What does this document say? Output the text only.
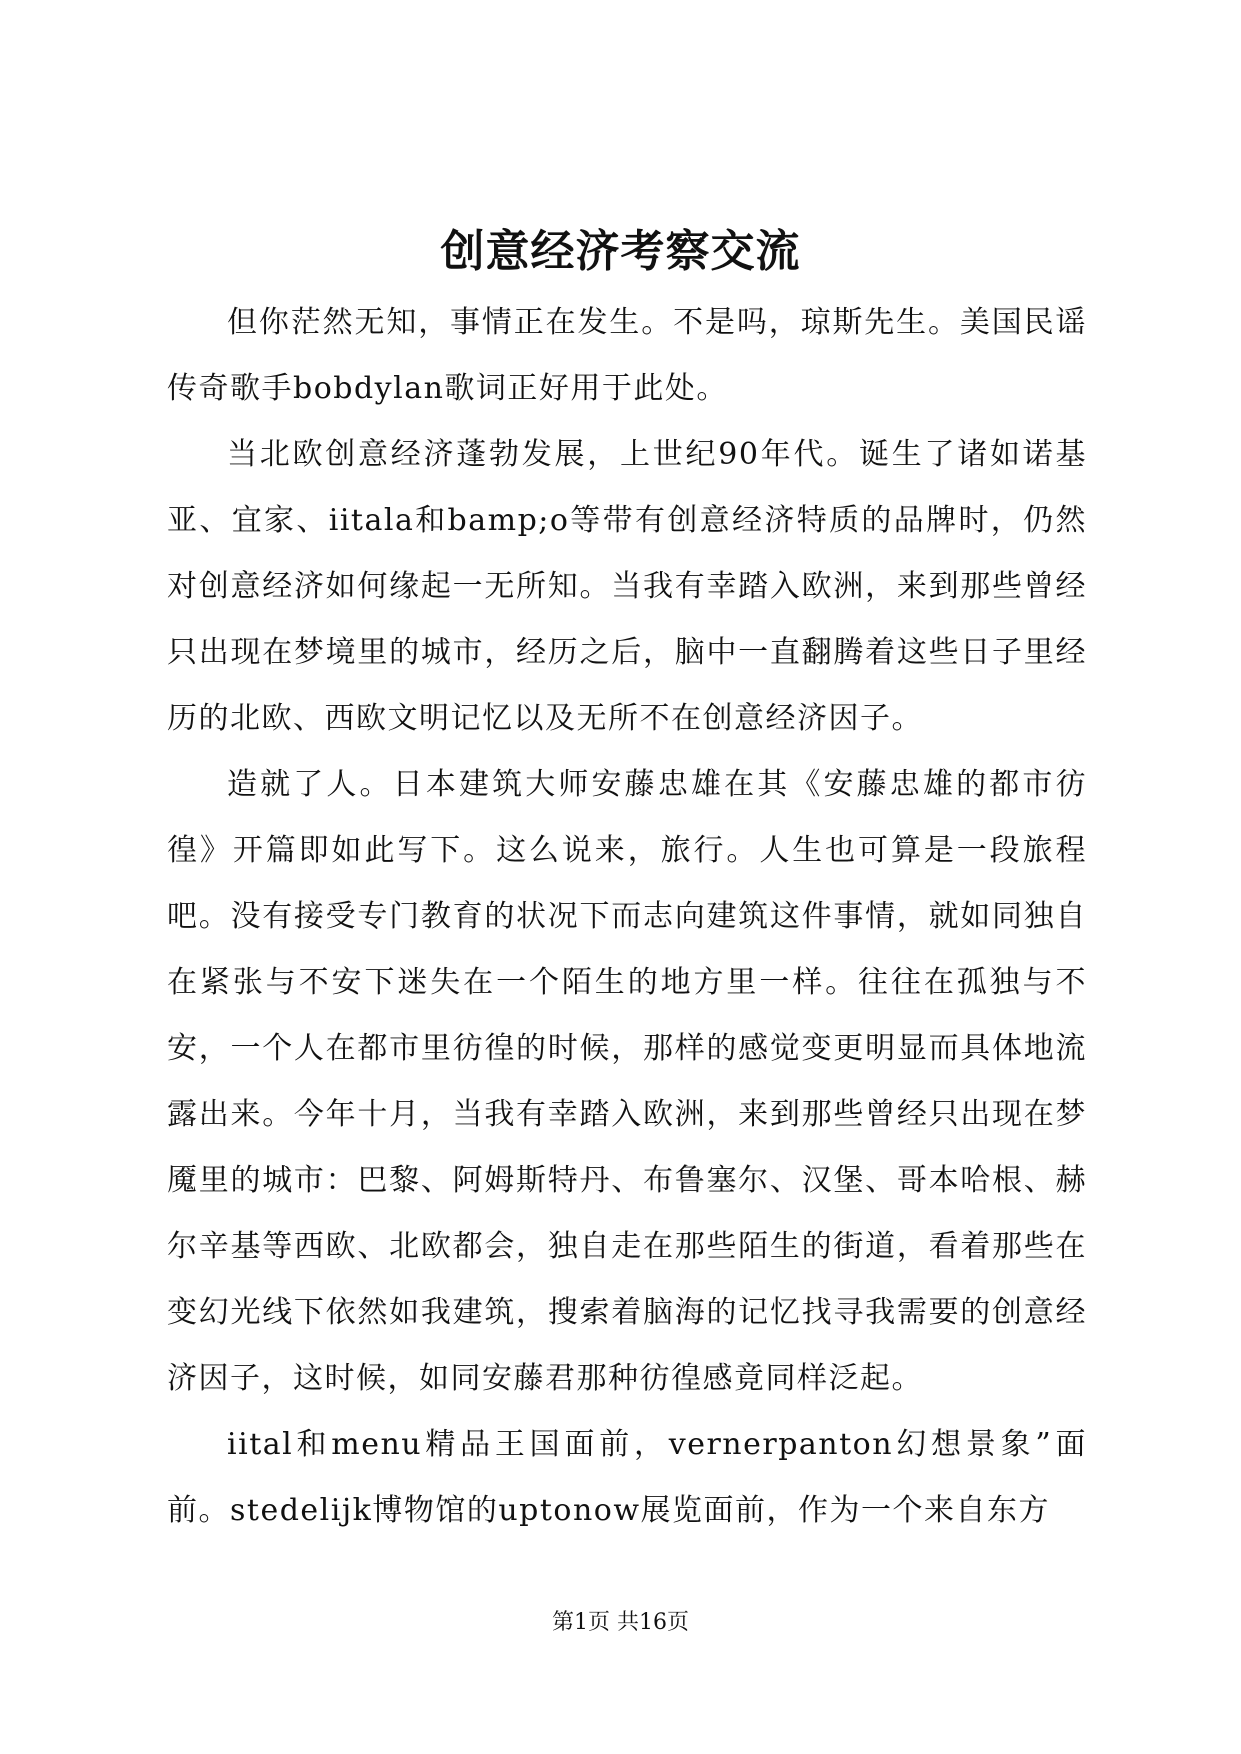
创意经济考察交流

但你茫然无知，事情正在发生。不是吗，琼斯先生。美国民谣传奇歌手bobdylan歌词正好用于此处。

当北欧创意经济蓬勃发展，上世纪90年代。诞生了诸如诺基亚、宜家、iitala和bamp;o等带有创意经济特质的品牌时，仍然对创意经济如何缘起一无所知。当我有幸踏入欧洲，来到那些曾经只出现在梦境里的城市，经历之后，脑中一直翻腾着这些日子里经历的北欧、西欧文明记忆以及无所不在创意经济因子。

造就了人。日本建筑大师安藤忠雄在其《安藤忠雄的都市彷徨》开篇即如此写下。这么说来，旅行。人生也可算是一段旅程吧。没有接受专门教育的状况下而志向建筑这件事情，就如同独自在紧张与不安下迷失在一个陌生的地方里一样。往往在孤独与不安，一个人在都市里彷徨的时候，那样的感觉变更明显而具体地流露出来。今年十月，当我有幸踏入欧洲，来到那些曾经只出现在梦魇里的城市：巴黎、阿姆斯特丹、布鲁塞尔、汉堡、哥本哈根、赫尔辛基等西欧、北欧都会，独自走在那些陌生的街道，看着那些在变幻光线下依然如我建筑，搜索着脑海的记忆找寻我需要的创意经济因子，这时候，如同安藤君那种彷徨感竟同样泛起。

iital和menu精品王国面前，vernerpanton幻想景象”面前。stedelijk博物馆的uptonow展览面前，作为一个来自东方

第1页 共16页
